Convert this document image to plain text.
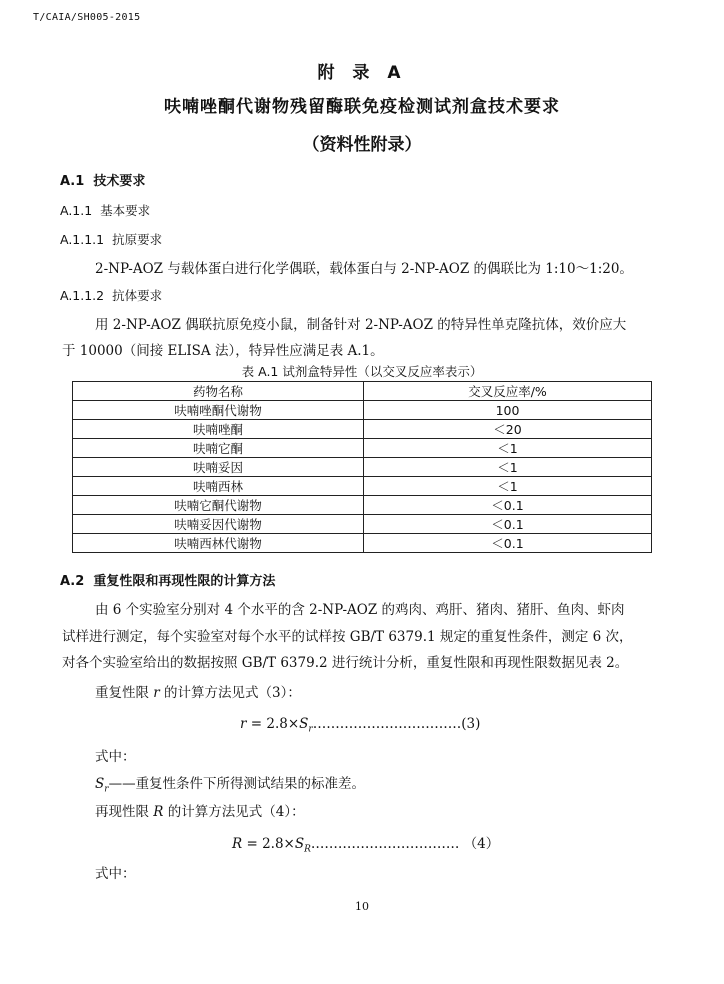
T/CAIA/SH005-2015
附 录 A
呋喃唑酮代谢物残留酶联免疫检测试剂盒技术要求
（资料性附录）
A.1 技术要求
A.1.1 基本要求
A.1.1.1 抗原要求
2-NP-AOZ 与载体蛋白进行化学偶联，载体蛋白与 2-NP-AOZ 的偶联比为 1:10～1:20。
A.1.1.2 抗体要求
用 2-NP-AOZ 偶联抗原免疫小鼠，制备针对 2-NP-AOZ 的特异性单克隆抗体，效价应大
于 10000（间接 ELISA 法），特异性应满足表 A.1。
表 A.1 试剂盒特异性（以交叉反应率表示）
药物名称	交叉反应率/%
呋喃唑酮代谢物	100
呋喃唑酮	＜20
呋喃它酮	＜1
呋喃妥因	＜1
呋喃西林	＜1
呋喃它酮代谢物	＜0.1
呋喃妥因代谢物	＜0.1
呋喃西林代谢物	＜0.1
A.2 重复性限和再现性限的计算方法
由 6 个实验室分别对 4 个水平的含 2-NP-AOZ 的鸡肉、鸡肝、猪肉、猪肝、鱼肉、虾肉
试样进行测定，每个实验室对每个水平的试样按 GB/T 6379.1 规定的重复性条件，测定 6 次，
对各个实验室给出的数据按照 GB/T 6379.2 进行统计分析，重复性限和再现性限数据见表 2。
重复性限 r 的计算方法见式（3）：
$r = 2.8\times S_r\dots\dots\dots\dots\dots\dots\dots\dots\dots\dots\dots(3)$
式中：
$S_r——$重复性条件下所得测试结果的标准差。
再现性限 R 的计算方法见式（4）：
$R = 2.8\times S_R\dots\dots\dots\dots\dots\dots\dots\dots\dots\dots\dots$ （4）
式中：
10
